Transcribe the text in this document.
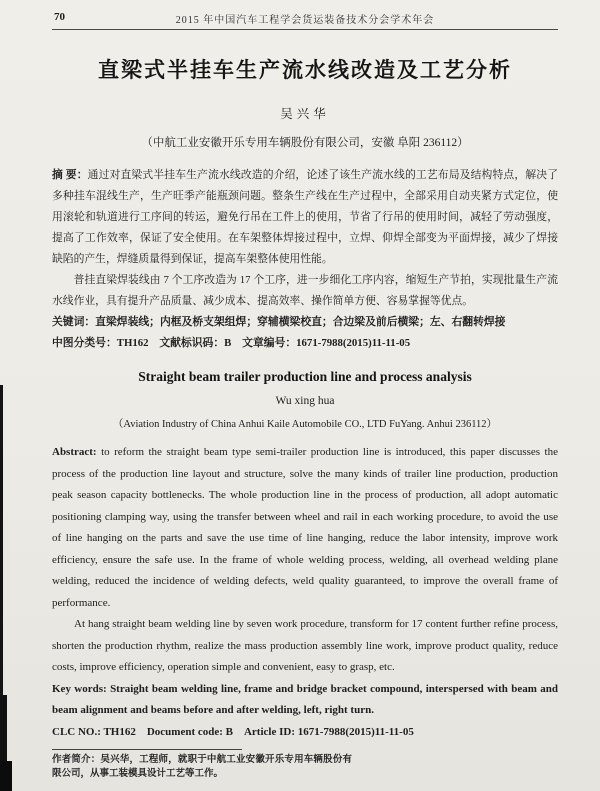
70	2015 年中国汽车工程学会货运装备技术分会学术年会
直梁式半挂车生产流水线改造及工艺分析
吴兴华
（中航工业安徽开乐专用车辆股份有限公司，安徽 阜阳 236112）

摘 要：通过对直梁式半挂车生产流水线改造的介绍，论述了该生产流水线的工艺布局及结构特点，解决了多种挂车混线生产，生产旺季产能瓶颈问题。整条生产线在生产过程中，全部采用自动夹紧方式定位，使用滚轮和轨道进行工序间的转运，避免行吊在工件上的使用，节省了行吊的使用时间，减轻了劳动强度，提高了工作效率，保证了安全使用。在车架整体焊接过程中，立焊、仰焊全部变为平面焊接，减少了焊接缺陷的产生，焊缝质量得到保证，提高车架整体使用性能。

普挂直梁焊装线由 7 个工序改造为 17 个工序，进一步细化工序内容，缩短生产节拍，实现批量生产流水线作业，具有提升产品质量、减少成本、提高效率、操作简单方便、容易掌握等优点。

关键词：直梁焊装线；内框及桥支架组焊；穿辅横梁校直；合边梁及前后横梁；左、右翻转焊接

中图分类号：TH162　文献标识码：B　文章编号：1671-7988(2015)11-11-05

Straight beam trailer production line and process analysis
Wu xing hua
（Aviation Industry of China Anhui Kaile Automobile CO., LTD FuYang. Anhui 236112）

Abstract: to reform the straight beam type semi-trailer production line is introduced, this paper discusses the process of the production line layout and structure, solve the many kinds of trailer line production, production peak season capacity bottlenecks. The whole production line in the process of production, all adopt automatic positioning clamping way, using the transfer between wheel and rail in each working procedure, to avoid the use of line hanging on the parts and save the use time of line hanging, reduce the labor intensity, improve work efficiency, ensure the safe use. In the frame of whole welding process, welding, all overhead welding plane welding, reduced the incidence of welding defects, weld quality guaranteed, to improve the overall frame of performance.

At hang straight beam welding line by seven work procedure, transform for 17 content further refine process, shorten the production rhythm, realize the mass production assembly line work, improve product quality, reduce costs, improve efficiency, operation simple and convenient, easy to grasp, etc.

Key words: Straight beam welding line, frame and bridge bracket compound, interspersed with beam and beam alignment and beams before and after welding, left, right turn.

CLC NO.: TH162　Document code: B　Article ID: 1671-7988(2015)11-11-05

作者简介：吴兴华，工程师，就职于中航工业安徽开乐专用车辆股份有限公司，从事工装模具设计工艺等工作。
